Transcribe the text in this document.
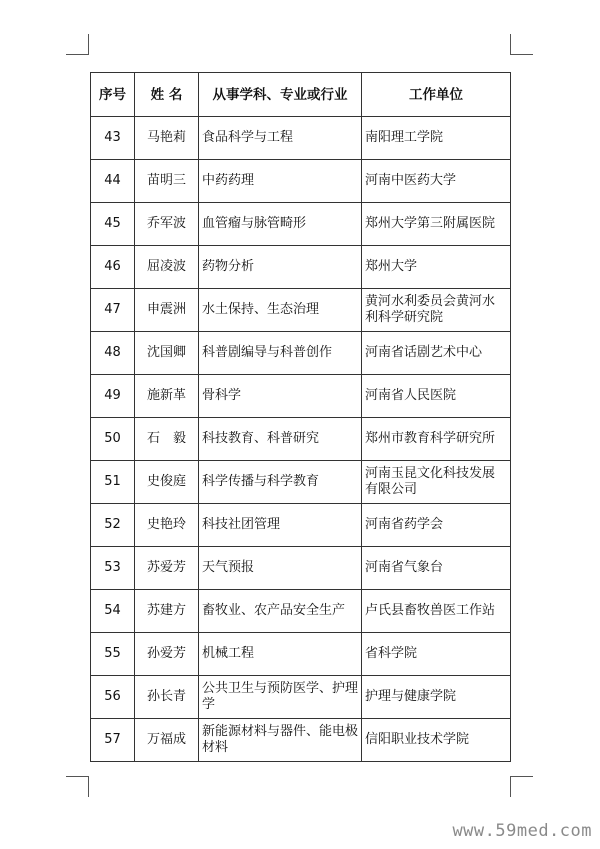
序号	姓 名	从事学科、专业或行业	工作单位
43	马艳莉	食品科学与工程	南阳理工学院
44	苗明三	中药药理	河南中医药大学
45	乔军波	血管瘤与脉管畸形	郑州大学第三附属医院
46	屈凌波	药物分析	郑州大学
47	申震洲	水土保持、生态治理	黄河水利委员会黄河水利科学研究院
48	沈国卿	科普剧编导与科普创作	河南省话剧艺术中心
49	施新革	骨科学	河南省人民医院
50	石　毅	科技教育、科普研究	郑州市教育科学研究所
51	史俊庭	科学传播与科学教育	河南玉昆文化科技发展有限公司
52	史艳玲	科技社团管理	河南省药学会
53	苏爱芳	天气预报	河南省气象台
54	苏建方	畜牧业、农产品安全生产	卢氏县畜牧兽医工作站
55	孙爱芳	机械工程	省科学院
56	孙长青	公共卫生与预防医学、护理学	护理与健康学院
57	万福成	新能源材料与器件、能电极材料	信阳职业技术学院
www.59med.com
